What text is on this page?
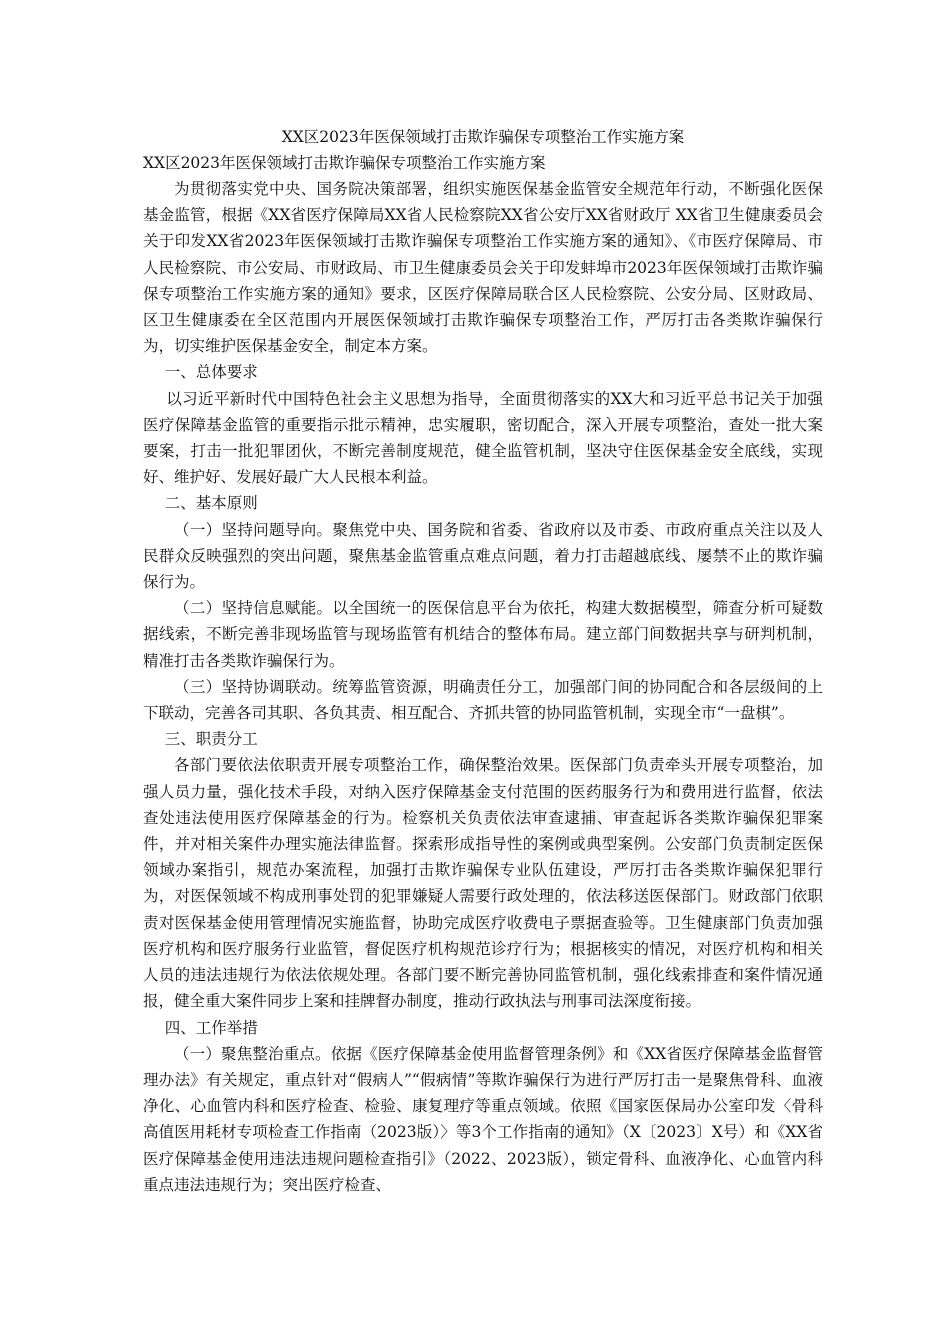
XX区2023年医保领域打击欺诈骗保专项整治工作实施方案
XX区2023年医保领域打击欺诈骗保专项整治工作实施方案

为贯彻落实党中央、国务院决策部署，组织实施医保基金监管安全规范年行动，不断强化医保基金监管，根据《XX省医疗保障局XX省人民检察院XX省公安厅XX省财政厅 XX省卫生健康委员会关于印发XX省2023年医保领域打击欺诈骗保专项整治工作实施方案的通知》、《市医疗保障局、市人民检察院、市公安局、市财政局、市卫生健康委员会关于印发蚌埠市2023年医保领域打击欺诈骗保专项整治工作实施方案的通知》要求，区医疗保障局联合区人民检察院、公安分局、区财政局、区卫生健康委在全区范围内开展医保领域打击欺诈骗保专项整治工作，严厉打击各类欺诈骗保行为，切实维护医保基金安全，制定本方案。

一、总体要求

以习近平新时代中国特色社会主义思想为指导，全面贯彻落实的XX大和习近平总书记关于加强医疗保障基金监管的重要指示批示精神，忠实履职，密切配合，深入开展专项整治，查处一批大案要案，打击一批犯罪团伙，不断完善制度规范，健全监管机制，坚决守住医保基金安全底线，实现好、维护好、发展好最广大人民根本利益。

二、基本原则

（一）坚持问题导向。聚焦党中央、国务院和省委、省政府以及市委、市政府重点关注以及人民群众反映强烈的突出问题，聚焦基金监管重点难点问题，着力打击超越底线、屡禁不止的欺诈骗保行为。

（二）坚持信息赋能。以全国统一的医保信息平台为依托，构建大数据模型，筛查分析可疑数据线索，不断完善非现场监管与现场监管有机结合的整体布局。建立部门间数据共享与研判机制，精准打击各类欺诈骗保行为。

（三）坚持协调联动。统筹监管资源，明确责任分工，加强部门间的协同配合和各层级间的上下联动，完善各司其职、各负其责、相互配合、齐抓共管的协同监管机制，实现全市“一盘棋”。

三、职责分工

各部门要依法依职责开展专项整治工作，确保整治效果。医保部门负责牵头开展专项整治，加强人员力量，强化技术手段，对纳入医疗保障基金支付范围的医药服务行为和费用进行监督，依法查处违法使用医疗保障基金的行为。检察机关负责依法审查逮捕、审查起诉各类欺诈骗保犯罪案件，并对相关案件办理实施法律监督。探索形成指导性的案例或典型案例。公安部门负责制定医保领域办案指引，规范办案流程，加强打击欺诈骗保专业队伍建设，严厉打击各类欺诈骗保犯罪行为，对医保领域不构成刑事处罚的犯罪嫌疑人需要行政处理的，依法移送医保部门。财政部门依职责对医保基金使用管理情况实施监督，协助完成医疗收费电子票据查验等。卫生健康部门负责加强医疗机构和医疗服务行业监管，督促医疗机构规范诊疗行为；根据核实的情况，对医疗机构和相关人员的违法违规行为依法依规处理。各部门要不断完善协同监管机制，强化线索排查和案件情况通报，健全重大案件同步上案和挂牌督办制度，推动行政执法与刑事司法深度衔接。

四、工作举措

（一）聚焦整治重点。依据《医疗保障基金使用监督管理条例》和《XX省医疗保障基金监督管理办法》有关规定，重点针对“假病人”“假病情”等欺诈骗保行为进行严厉打击一是聚焦骨科、血液净化、心血管内科和医疗检查、检验、康复理疗等重点领域。依照《国家医保局办公室印发〈骨科高值医用耗材专项检查工作指南（2023版）〉等3个工作指南的通知》（X〔2023〕X号）和《XX省医疗保障基金使用违法违规问题检查指引》（2022、2023版），锁定骨科、血液净化、心血管内科重点违法违规行为；突出医疗检查、
